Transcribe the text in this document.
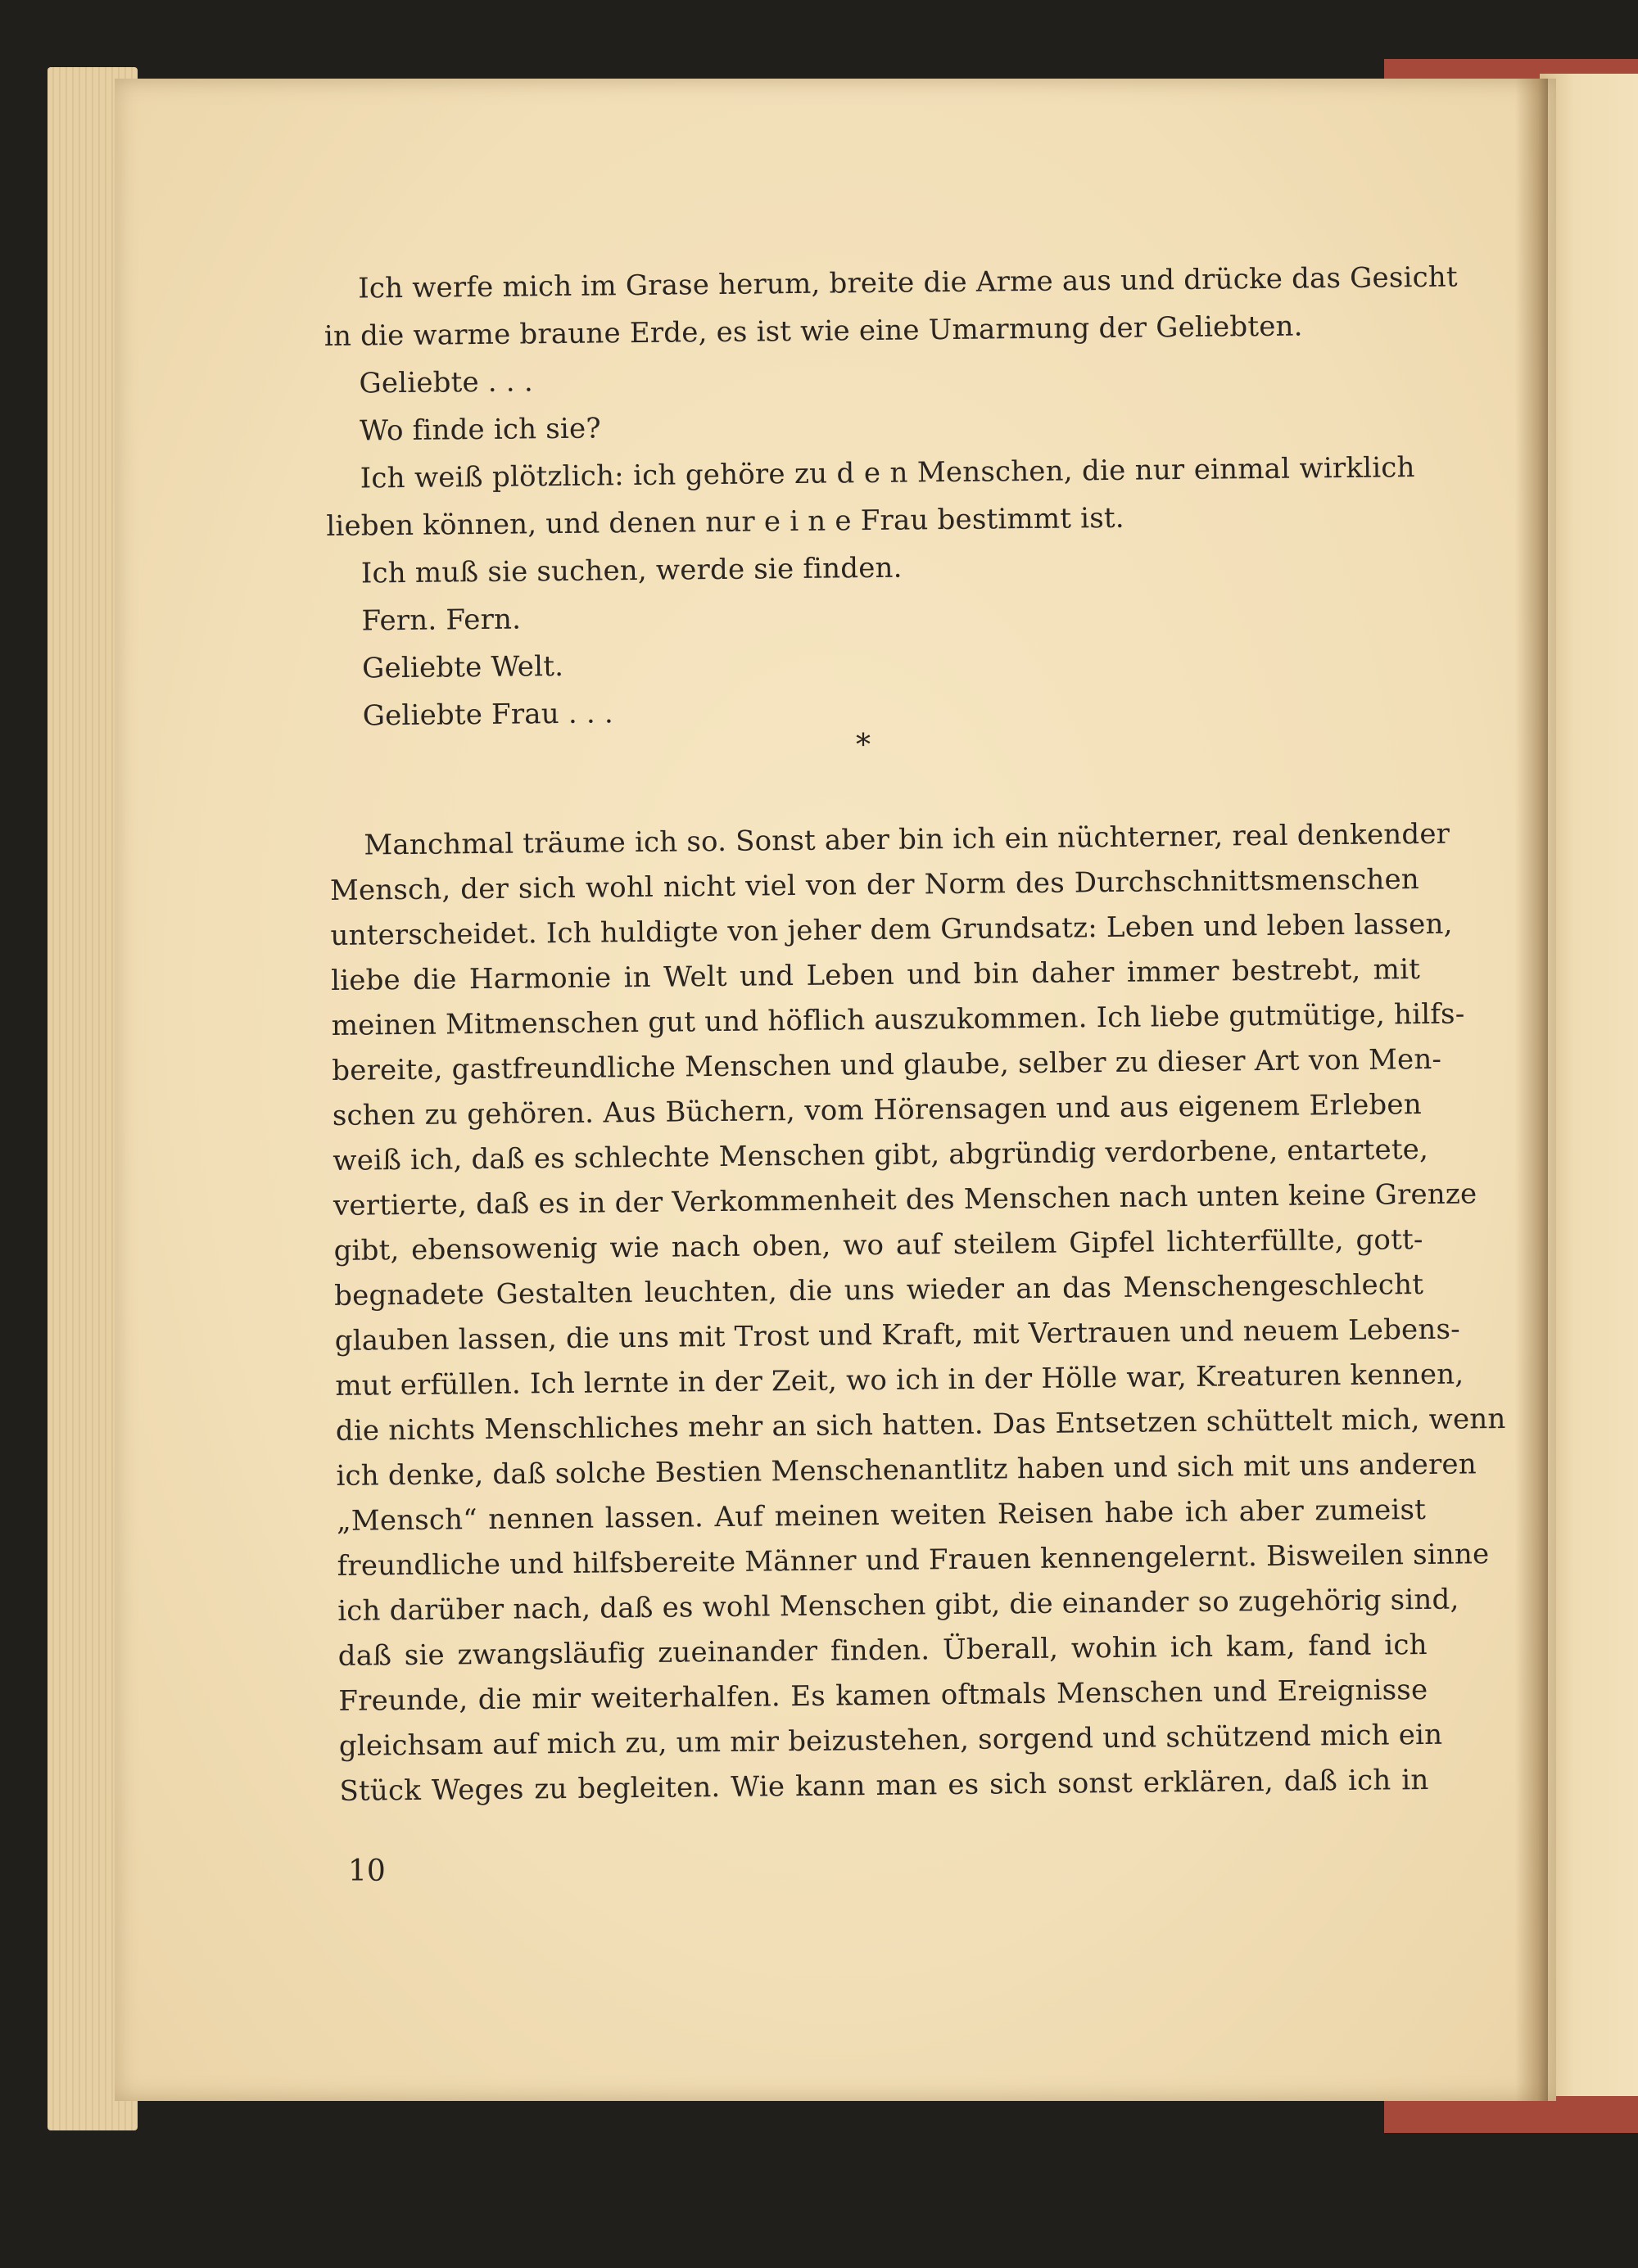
Ich werfe mich im Grase herum, breite die Arme aus und drücke das Gesicht
in die warme braune Erde, es ist wie eine Umarmung der Geliebten.
Geliebte . . .
Wo finde ich sie?
Ich weiß plötzlich: ich gehöre zu d e n Menschen, die nur einmal wirklich
lieben können, und denen nur e i n e Frau bestimmt ist.
Ich muß sie suchen, werde sie finden.
Fern. Fern.
Geliebte Welt.
Geliebte Frau . . .
Manchmal träume ich so. Sonst aber bin ich ein nüchterner, real denkender
Mensch, der sich wohl nicht viel von der Norm des Durchschnittsmenschen
unterscheidet. Ich huldigte von jeher dem Grundsatz: Leben und leben lassen,
liebe die Harmonie in Welt und Leben und bin daher immer bestrebt, mit
meinen Mitmenschen gut und höflich auszukommen. Ich liebe gutmütige, hilfs-
bereite, gastfreundliche Menschen und glaube, selber zu dieser Art von Men-
schen zu gehören. Aus Büchern, vom Hörensagen und aus eigenem Erleben
weiß ich, daß es schlechte Menschen gibt, abgründig verdorbene, entartete,
vertierte, daß es in der Verkommenheit des Menschen nach unten keine Grenze
gibt, ebensowenig wie nach oben, wo auf steilem Gipfel lichterfüllte, gott-
begnadete Gestalten leuchten, die uns wieder an das Menschengeschlecht
glauben lassen, die uns mit Trost und Kraft, mit Vertrauen und neuem Lebens-
mut erfüllen. Ich lernte in der Zeit, wo ich in der Hölle war, Kreaturen kennen,
die nichts Menschliches mehr an sich hatten. Das Entsetzen schüttelt mich, wenn
ich denke, daß solche Bestien Menschenantlitz haben und sich mit uns anderen
„Mensch“ nennen lassen. Auf meinen weiten Reisen habe ich aber zumeist
freundliche und hilfsbereite Männer und Frauen kennengelernt. Bisweilen sinne
ich darüber nach, daß es wohl Menschen gibt, die einander so zugehörig sind,
daß sie zwangsläufig zueinander finden. Überall, wohin ich kam, fand ich
Freunde, die mir weiterhalfen. Es kamen oftmals Menschen und Ereignisse
gleichsam auf mich zu, um mir beizustehen, sorgend und schützend mich ein
Stück Weges zu begleiten. Wie kann man es sich sonst erklären, daß ich in
*
10
